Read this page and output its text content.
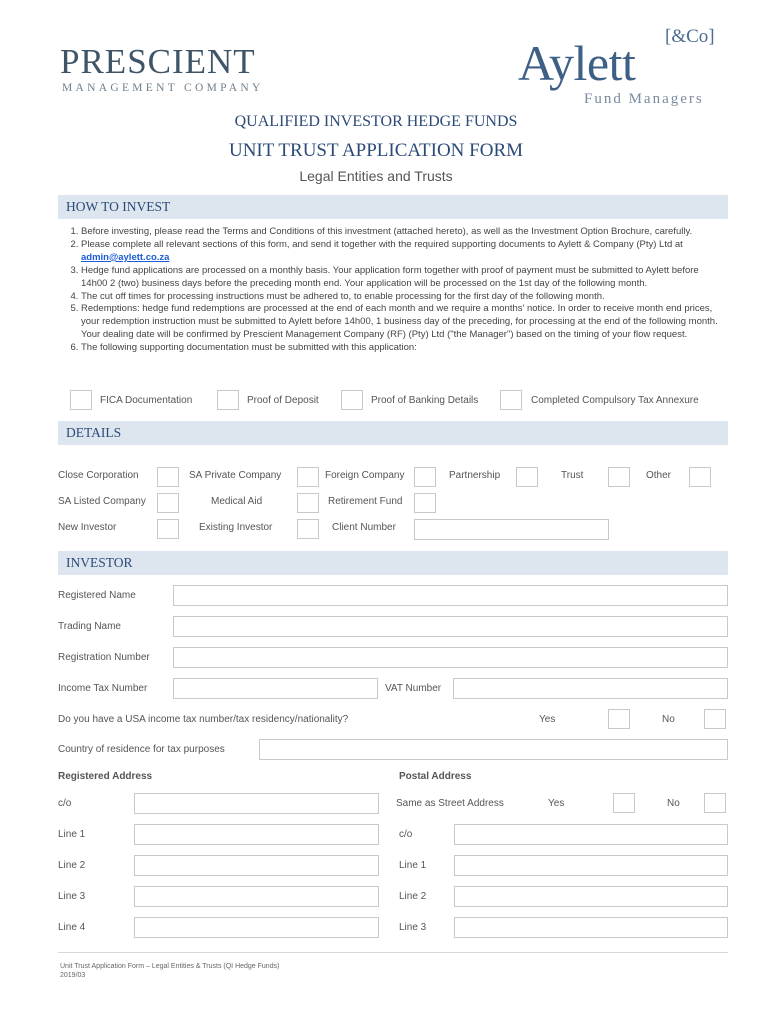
PRESCIENT
MANAGEMENT COMPANY	Aylett [&Co]
Fund Managers
QUALIFIED INVESTOR HEDGE FUNDS
UNIT TRUST APPLICATION FORM
Legal Entities and Trusts
HOW TO INVEST
1. Before investing, please read the Terms and Conditions of this investment (attached hereto), as well as the Investment Option Brochure, carefully.
2. Please complete all relevant sections of this form, and send it together with the required supporting documents to Aylett & Company (Pty) Ltd at admin@aylett.co.za
3. Hedge fund applications are processed on a monthly basis. Your application form together with proof of payment must be submitted to Aylett before 14h00 2 (two) business days before the preceding month end. Your application will be processed on the 1st day of the following month.
4. The cut off times for processing instructions must be adhered to, to enable processing for the first day of the following month.
5. Redemptions: hedge fund redemptions are processed at the end of each month and we require a months' notice. In order to receive month end prices, your redemption instruction must be submitted to Aylett before 14h00, 1 business day of the preceding, for processing at the end of the following month. Your dealing date will be confirmed by Prescient Management Company (RF) (Pty) Ltd ("the Manager") based on the timing of your flow request.
6. The following supporting documentation must be submitted with this application:
FICA Documentation	Proof of Deposit	Proof of Banking Details	Completed Compulsory Tax Annexure
DETAILS
Close Corporation	SA Private Company	Foreign Company	Partnership	Trust	Other
SA Listed Company	Medical Aid	Retirement Fund
New Investor	Existing Investor	Client Number
INVESTOR
Registered Name
Trading Name
Registration Number
Income Tax Number	VAT Number
Do you have a USA income tax number/tax residency/nationality?	Yes	No
Country of residence for tax purposes
Registered Address	Postal Address
c/o	Same as Street Address	Yes	No
Line 1	c/o
Line 2	Line 1
Line 3	Line 2
Line 4	Line 3
Unit Trust Application Form – Legal Entities & Trusts (QI Hedge Funds)
2019/03
